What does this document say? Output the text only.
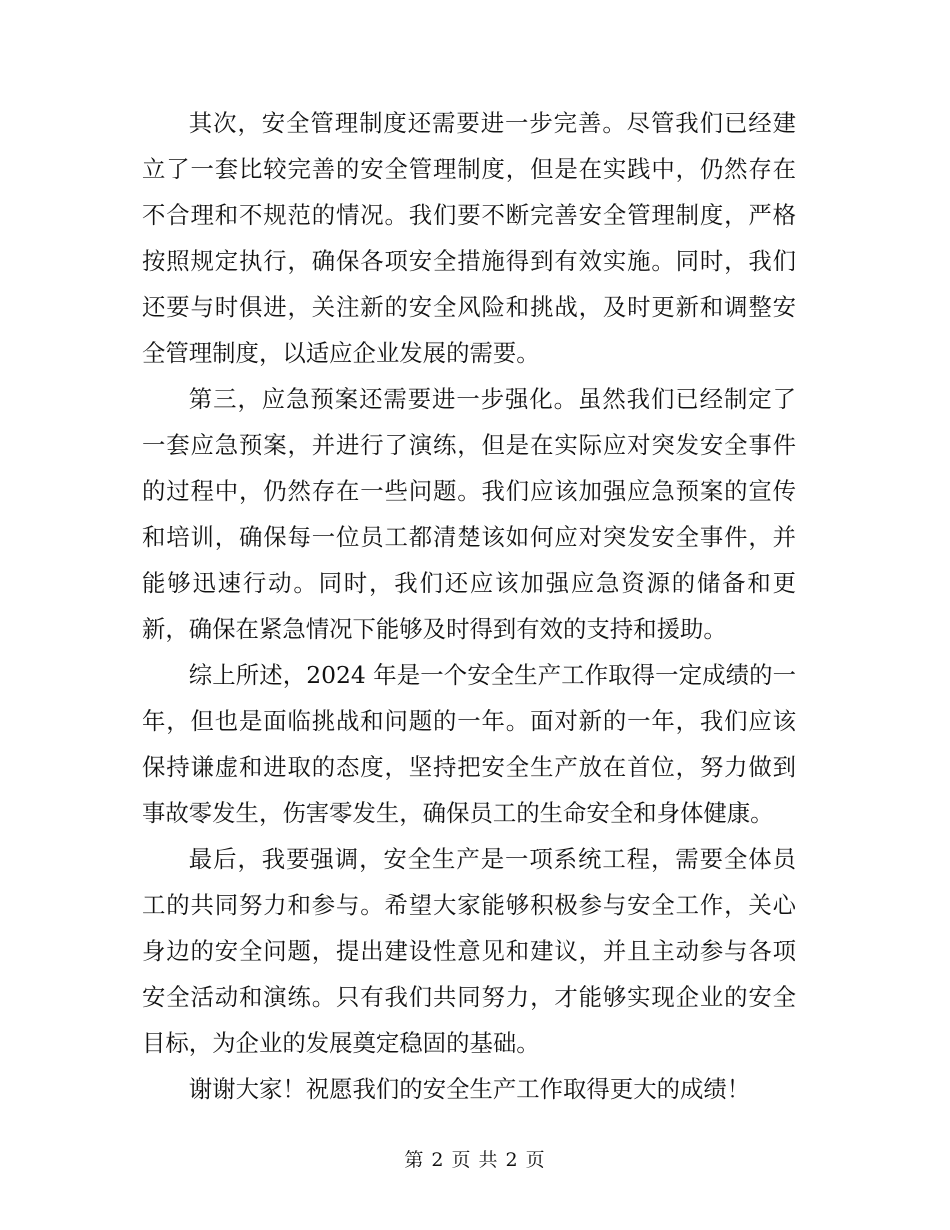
其次，安全管理制度还需要进一步完善。尽管我们已经建立了一套比较完善的安全管理制度，但是在实践中，仍然存在不合理和不规范的情况。我们要不断完善安全管理制度，严格按照规定执行，确保各项安全措施得到有效实施。同时，我们还要与时俱进，关注新的安全风险和挑战，及时更新和调整安全管理制度，以适应企业发展的需要。

第三，应急预案还需要进一步强化。虽然我们已经制定了一套应急预案，并进行了演练，但是在实际应对突发安全事件的过程中，仍然存在一些问题。我们应该加强应急预案的宣传和培训，确保每一位员工都清楚该如何应对突发安全事件，并能够迅速行动。同时，我们还应该加强应急资源的储备和更新，确保在紧急情况下能够及时得到有效的支持和援助。

综上所述，2024 年是一个安全生产工作取得一定成绩的一年，但也是面临挑战和问题的一年。面对新的一年，我们应该保持谦虚和进取的态度，坚持把安全生产放在首位，努力做到事故零发生，伤害零发生，确保员工的生命安全和身体健康。

最后，我要强调，安全生产是一项系统工程，需要全体员工的共同努力和参与。希望大家能够积极参与安全工作，关心身边的安全问题，提出建设性意见和建议，并且主动参与各项安全活动和演练。只有我们共同努力，才能够实现企业的安全目标，为企业的发展奠定稳固的基础。

谢谢大家！祝愿我们的安全生产工作取得更大的成绩！

第 2 页 共 2 页
